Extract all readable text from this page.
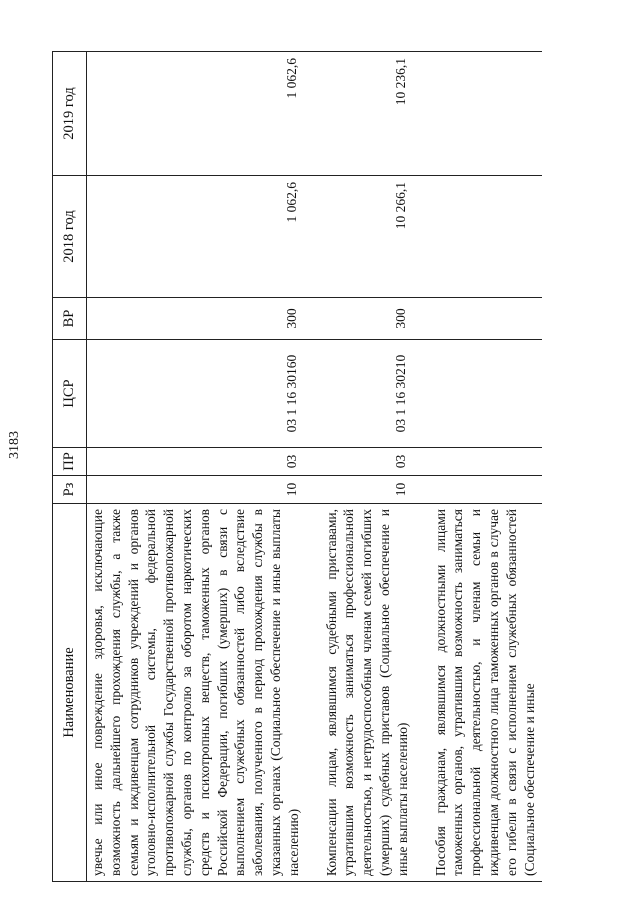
3183
Наименование	Рз	ПР	ЦСР	ВР	2018 год	2019 год
увечье или иное повреждение здоровья, исключающие возможность дальнейшего прохождения службы, а также семьям и иждивенцам сотрудников учреждений и органов уголовно-исполнительной системы, федеральной противопожарной службы Государственной противопожарной службы, органов по контролю за оборотом наркотических средств и психотропных веществ, таможенных органов Российской Федерации, погибших (умерших) в связи с выполнением служебных обязанностей либо вследствие заболевания, полученного в период прохождения службы в указанных органах (Социальное обеспечение и иные выплаты населению)	10	03	03 1 16 30160	300	1 062,6	1 062,6

Компенсации лицам, являвшимся судебными приставами, утратившим возможность заниматься профессиональной деятельностью, и нетрудоспособным членам семей погибших (умерших) судебных приставов (Социальное обеспечение и иные выплаты населению)	10	03	03 1 16 30210	300	10 266,1	10 236,1

Пособия гражданам, являвшимся должностными лицами таможенных органов, утратившим возможность заниматься профессиональной деятельностью, и членам семьи и иждивенцам должностного лица таможенных органов в случае его гибели в связи с исполнением служебных обязанностей (Социальное обеспечение и иные						
